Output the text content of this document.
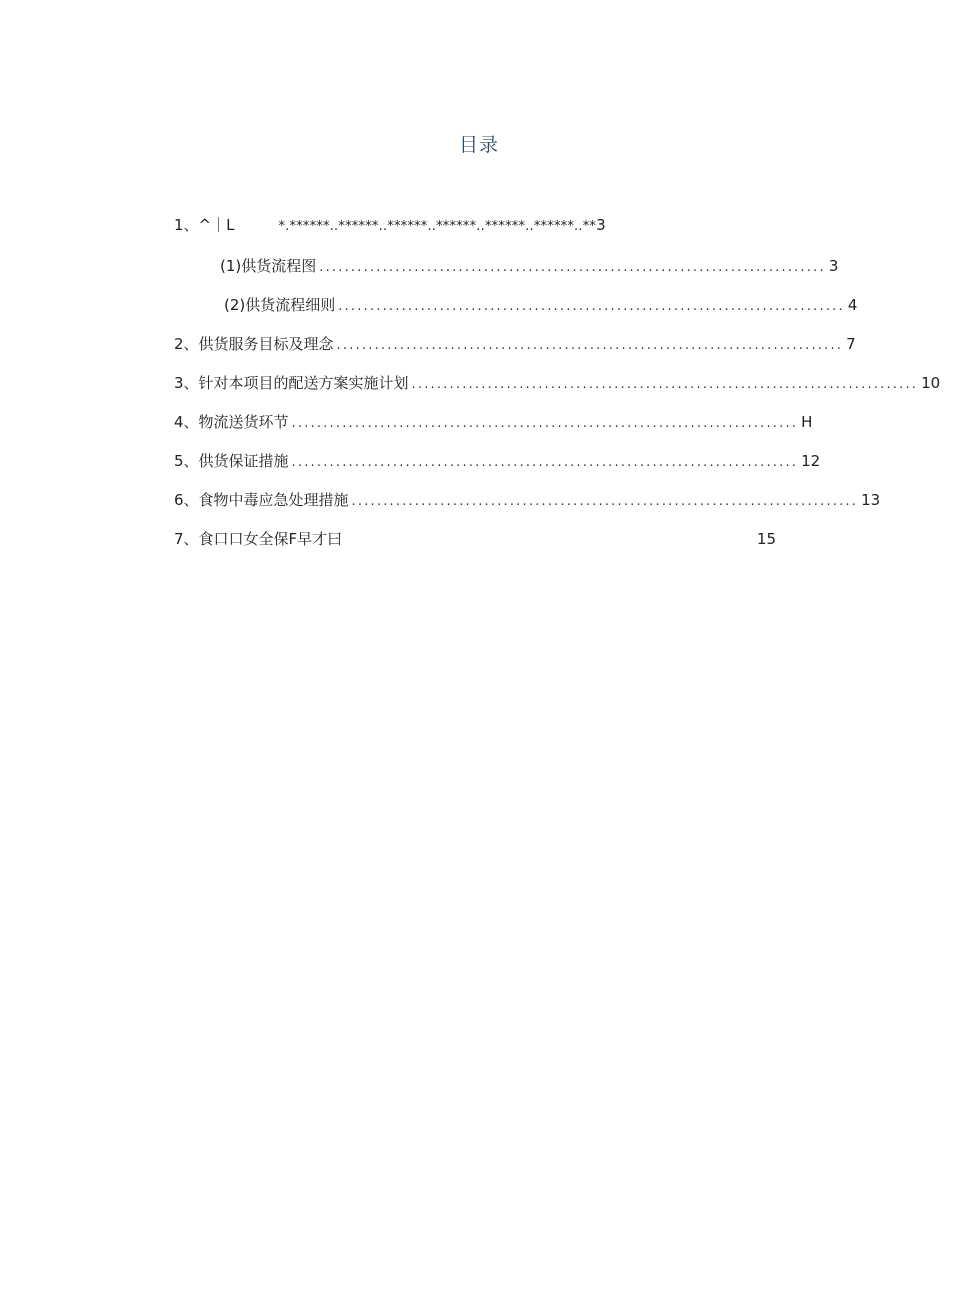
目录
1、^｜L	*.******..******..******..******..******..******..** 3
(1)供货流程图 ................................................................................ 3
(2)供货流程细则 ................................................................................ 4
2、供货服务目标及理念 ................................................................................ 7
3、针对本项目的配送方案实施计划 ................................................................................ 10
4、物流送货环节 ................................................................................ H
5、供货保证措施 ................................................................................ 12
6、食物中毒应急处理措施 ................................................................................ 13
7、食口口女全保F早才曰	15
